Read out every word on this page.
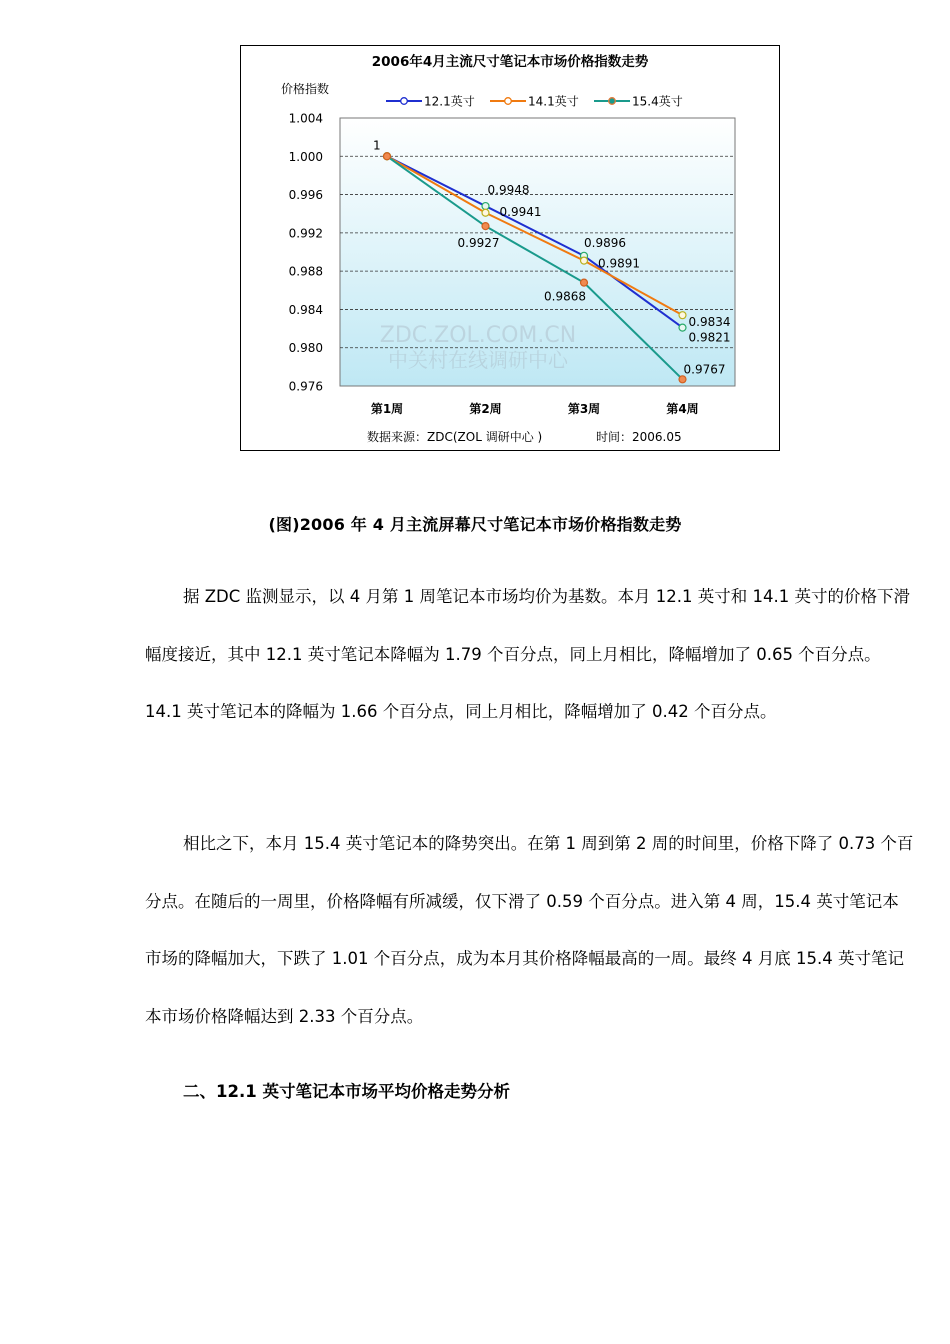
2006年4月主流尺寸笔记本市场价格指数走势
价格指数
12.1英寸	14.1英寸	15.4英寸
1.004
1.000
0.996
0.992
0.988
0.984
0.980
0.976
ZDC.ZOL.COM.CN
中关村在线调研中心
第1周	第2周	第3周	第4周
1
0.9948
0.9896
0.9821
0.9941
0.9891
0.9834
0.9927
0.9868
0.9767
数据来源：ZDC(ZOL 调研中心 )	时间：2006.05
(图)2006 年 4 月主流屏幕尺寸笔记本市场价格指数走势
据 ZDC 监测显示，以 4 月第 1 周笔记本市场均价为基数。本月 12.1 英寸和 14.1 英寸的价格下滑幅度接近，其中 12.1 英寸笔记本降幅为 1.79 个百分点，同上月相比，降幅增加了 0.65 个百分点。14.1 英寸笔记本的降幅为 1.66 个百分点，同上月相比，降幅增加了 0.42 个百分点。
相比之下，本月 15.4 英寸笔记本的降势突出。在第 1 周到第 2 周的时间里，价格下降了 0.73 个百分点。在随后的一周里，价格降幅有所减缓，仅下滑了 0.59 个百分点。进入第 4 周，15.4 英寸笔记本市场的降幅加大，下跌了 1.01 个百分点，成为本月其价格降幅最高的一周。最终 4 月底 15.4 英寸笔记本市场价格降幅达到 2.33 个百分点。
二、12.1 英寸笔记本市场平均价格走势分析
